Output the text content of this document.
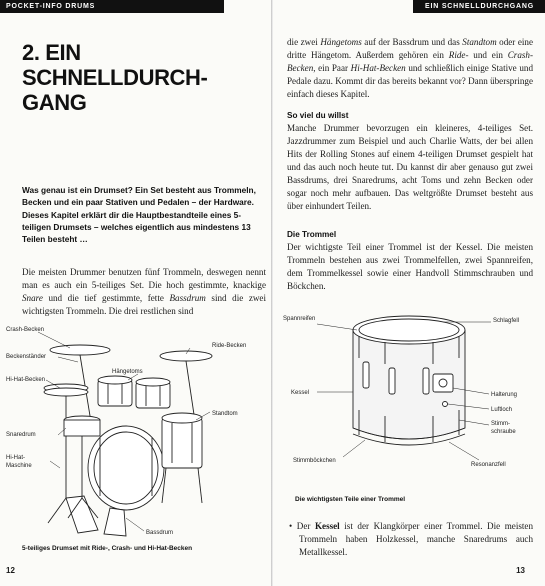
POCKET-INFO DRUMS
2. EIN SCHNELLDURCH-GANG
Was genau ist ein Drumset? Ein Set besteht aus Trommeln, Becken und ein paar Stativen und Pedalen – der Hardware. Dieses Kapitel erklärt dir die Hauptbestandteile eines 5-teiligen Drumsets – welches eigentlich aus mindestens 13 Teilen besteht …
Die meisten Drummer benutzen fünf Trommeln, deswegen nennt man es auch ein 5-teiliges Set. Die hoch gestimmte, knackige Snare und die tief gestimmte, fette Bassdrum sind die zwei wichtigsten Trommeln. Die drei restlichen sind
Crash-Becken
Ride-Becken
Beckenständer
Hi-Hat-Becken
Hängetoms
Standtom
Snaredrum
Hi-Hat-
Maschine
Bassdrum
5-teiliges Drumset mit Ride-, Crash- und Hi-Hat-Becken
12
EIN SCHNELLDURCHGANG
die zwei Hängetoms auf der Bassdrum und das Standtom oder eine dritte Hängetom. Außerdem gehören ein Ride- und ein Crash-Becken, ein Paar Hi-Hat-Becken und schließlich einige Stative und Pedale dazu. Kommt dir das bereits bekannt vor? Dann überspringe einfach dieses Kapitel.
So viel du willst
Manche Drummer bevorzugen ein kleineres, 4-teiliges Set. Jazzdrummer zum Beispiel und auch Charlie Watts, der bei allen Hits der Rolling Stones auf einem 4-teiligen Drumset gespielt hat und das auch noch heute tut. Du kannst dir aber genauso gut zwei Bassdrums, drei Snaredrums, acht Toms und zehn Becken oder sogar noch mehr aufbauen. Das weltgrößte Drumset besteht aus über einhundert Teilen.
Die Trommel
Der wichtigste Teil einer Trommel ist der Kessel. Die meisten Trommeln bestehen aus zwei Trommelfellen, zwei Spannreifen, dem Trommelkessel sowie einer Handvoll Stimmschrauben und Böckchen.
Spannreifen	Schlagfell
Kessel	Halterung
Luftloch
Stimm-
schraube
Stimmböckchen
Resonanzfell
Die wichtigsten Teile einer Trommel
• Der Kessel ist der Klangkörper einer Trommel. Die meisten Trommeln haben Holzkessel, manche Snaredrums auch Metallkessel.
13
